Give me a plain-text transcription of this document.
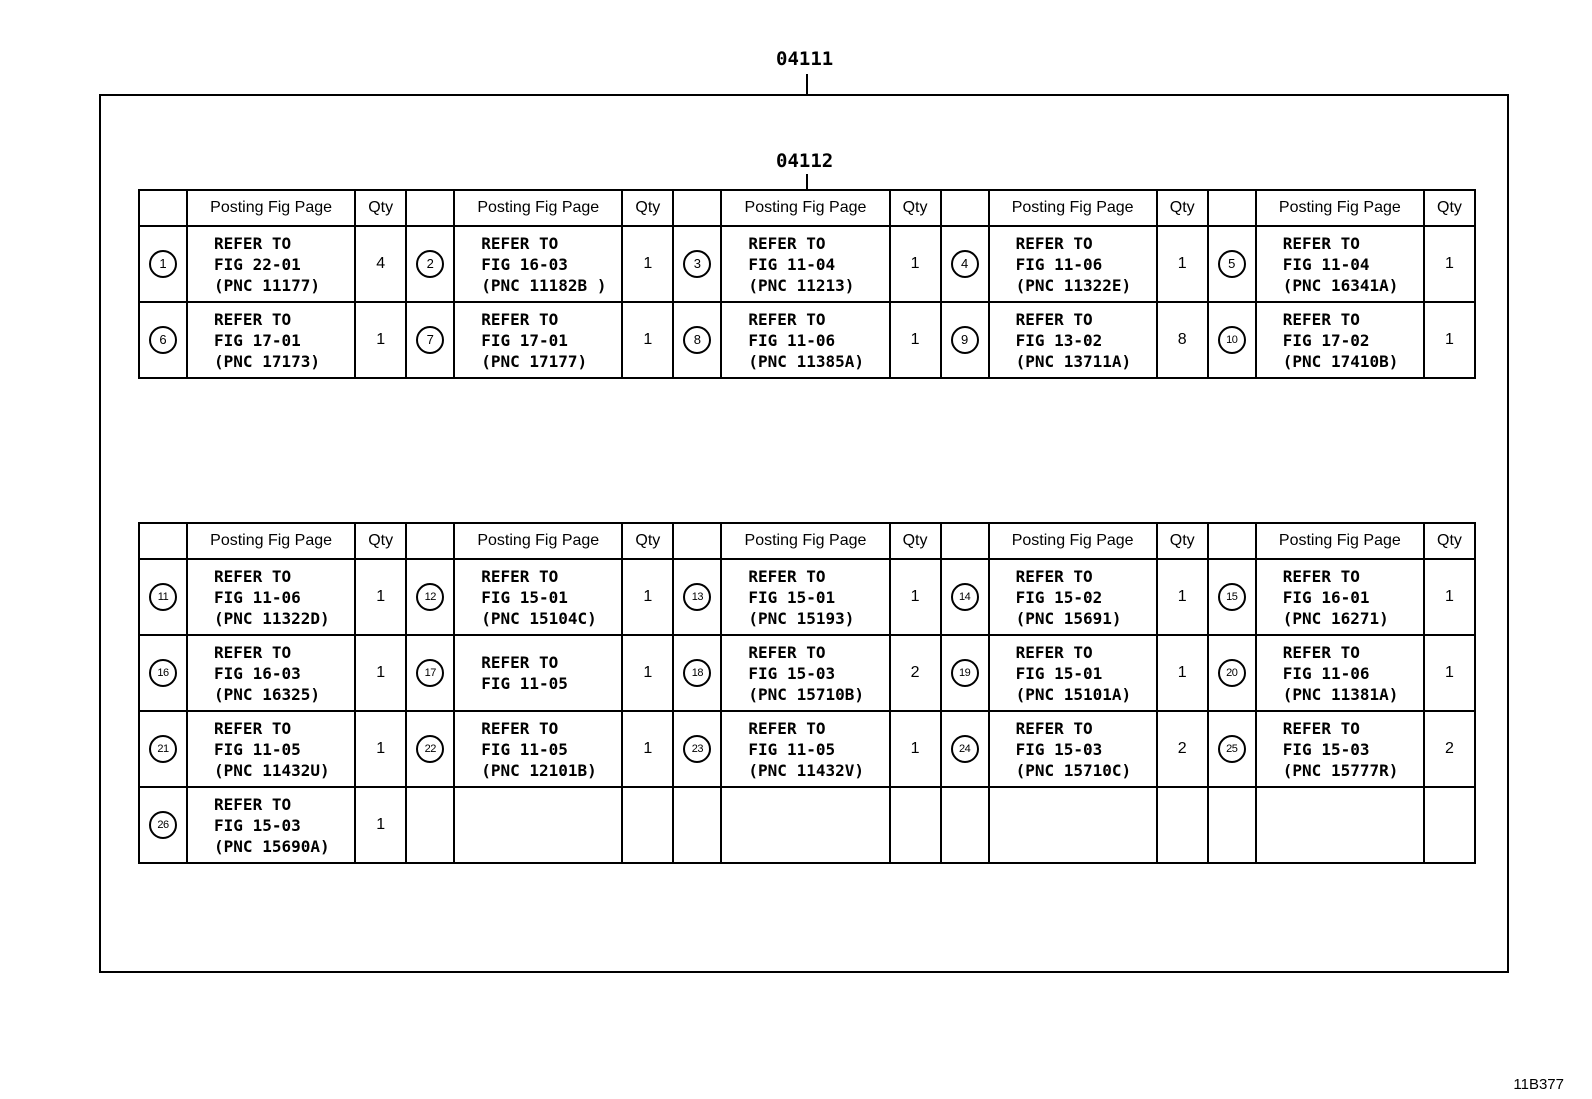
04111
04112
	Posting Fig Page	Qty		Posting Fig Page	Qty		Posting Fig Page	Qty		Posting Fig Page	Qty		Posting Fig Page	Qty
1	REFER TO
FIG 22-01
(PNC 11177)	4	2	REFER TO
FIG 16-03
(PNC 11182B )	1	3	REFER TO
FIG 11-04
(PNC 11213)	1	4	REFER TO
FIG 11-06
(PNC 11322E)	1	5	REFER TO
FIG 11-04
(PNC 16341A)	1
6	REFER TO
FIG 17-01
(PNC 17173)	1	7	REFER TO
FIG 17-01
(PNC 17177)	1	8	REFER TO
FIG 11-06
(PNC 11385A)	1	9	REFER TO
FIG 13-02
(PNC 13711A)	8	10	REFER TO
FIG 17-02
(PNC 17410B)	1
	Posting Fig Page	Qty		Posting Fig Page	Qty		Posting Fig Page	Qty		Posting Fig Page	Qty		Posting Fig Page	Qty
11	REFER TO
FIG 11-06
(PNC 11322D)	1	12	REFER TO
FIG 15-01
(PNC 15104C)	1	13	REFER TO
FIG 15-01
(PNC 15193)	1	14	REFER TO
FIG 15-02
(PNC 15691)	1	15	REFER TO
FIG 16-01
(PNC 16271)	1
16	REFER TO
FIG 16-03
(PNC 16325)	1	17	REFER TO
FIG 11-05	1	18	REFER TO
FIG 15-03
(PNC 15710B)	2	19	REFER TO
FIG 15-01
(PNC 15101A)	1	20	REFER TO
FIG 11-06
(PNC 11381A)	1
21	REFER TO
FIG 11-05
(PNC 11432U)	1	22	REFER TO
FIG 11-05
(PNC 12101B)	1	23	REFER TO
FIG 11-05
(PNC 11432V)	1	24	REFER TO
FIG 15-03
(PNC 15710C)	2	25	REFER TO
FIG 15-03
(PNC 15777R)	2
26	REFER TO
FIG 15-03
(PNC 15690A)	1												
11B377
